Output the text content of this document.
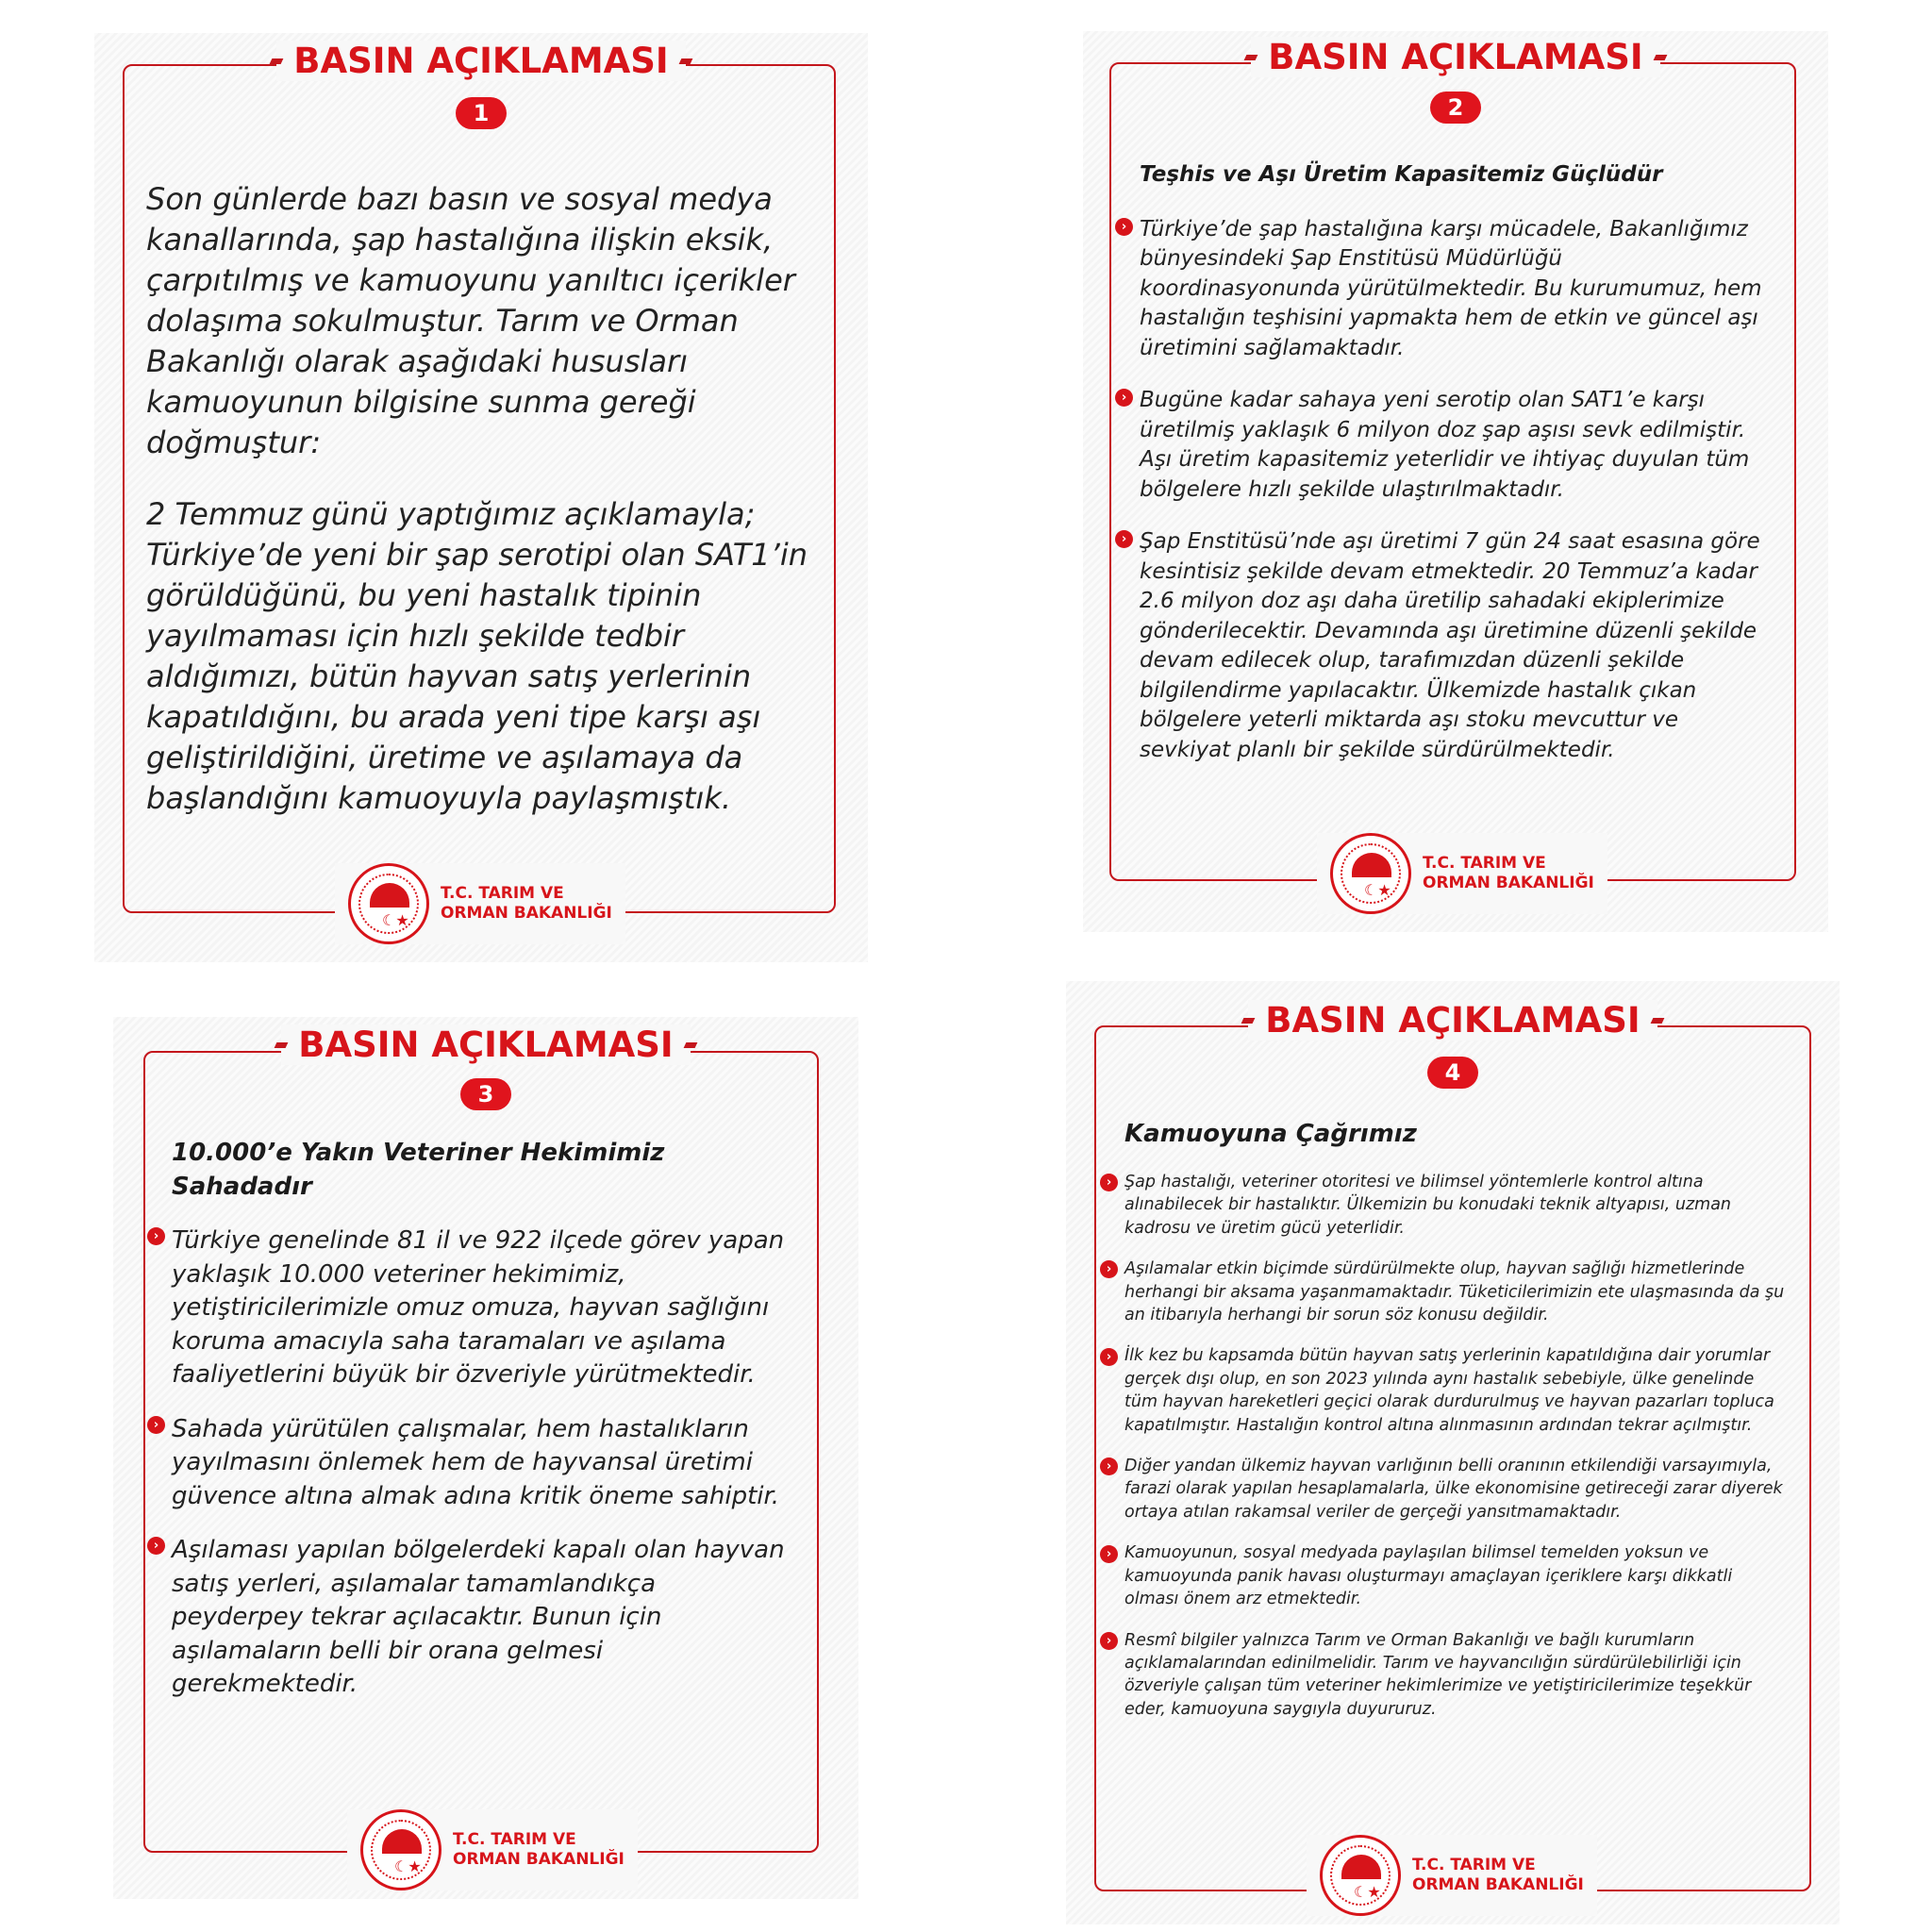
BASIN AÇIKLAMASI
1

Son günlerde bazı basın ve sosyal medya kanallarında, şap hastalığına ilişkin eksik, çarpıtılmış ve kamuoyunu yanıltıcı içerikler dolaşıma sokulmuştur. Tarım ve Orman Bakanlığı olarak aşağıdaki hususları kamuoyunun bilgisine sunma gereği doğmuştur:

2 Temmuz günü yaptığımız açıklamayla; Türkiye’de yeni bir şap serotipi olan SAT1’in görüldüğünü, bu yeni hastalık tipinin yayılmaması için hızlı şekilde tedbir aldığımızı, bütün hayvan satış yerlerinin kapatıldığını, bu arada yeni tipe karşı aşı geliştirildiğini, üretime ve aşılamaya da başlandığını kamuoyuyla paylaşmıştık.

☾★
T.C. TARIM VE
ORMAN BAKANLIĞI
BASIN AÇIKLAMASI
2

Teşhis ve Aşı Üretim Kapasitemiz Güçlüdür

›
Türkiye’de şap hastalığına karşı mücadele, Bakanlığımız bünyesindeki Şap Enstitüsü Müdürlüğü koordinasyonunda yürütülmektedir. Bu kurumumuz, hem hastalığın teşhisini yapmakta hem de etkin ve güncel aşı üretimini sağlamaktadır.

›
Bugüne kadar sahaya yeni serotip olan SAT1’e karşı üretilmiş yaklaşık 6 milyon doz şap aşısı sevk edilmiştir. Aşı üretim kapasitemiz yeterlidir ve ihtiyaç duyulan tüm bölgelere hızlı şekilde ulaştırılmaktadır.

›
Şap Enstitüsü’nde aşı üretimi 7 gün 24 saat esasına göre kesintisiz şekilde devam etmektedir. 20 Temmuz’a kadar 2.6 milyon doz aşı daha üretilip sahadaki ekiplerimize gönderilecektir. Devamında aşı üretimine düzenli şekilde devam edilecek olup, tarafımızdan düzenli şekilde bilgilendirme yapılacaktır. Ülkemizde hastalık çıkan bölgelere yeterli miktarda aşı stoku mevcuttur ve sevkiyat planlı bir şekilde sürdürülmektedir.

☾★
T.C. TARIM VE
ORMAN BAKANLIĞI
BASIN AÇIKLAMASI
3

10.000’e Yakın Veteriner Hekimimiz Sahadadır

›
Türkiye genelinde 81 il ve 922 ilçede görev yapan yaklaşık 10.000 veteriner hekimimiz, yetiştiricilerimizle omuz omuza, hayvan sağlığını koruma amacıyla saha taramaları ve aşılama faaliyetlerini büyük bir özveriyle yürütmektedir.

›
Sahada yürütülen çalışmalar, hem hastalıkların yayılmasını önlemek hem de hayvansal üretimi güvence altına almak adına kritik öneme sahiptir.

›
Aşılaması yapılan bölgelerdeki kapalı olan hayvan satış yerleri, aşılamalar tamamlandıkça peyderpey tekrar açılacaktır. Bunun için aşılamaların belli bir orana gelmesi gerekmektedir.

☾★
T.C. TARIM VE
ORMAN BAKANLIĞI
BASIN AÇIKLAMASI
4

Kamuoyuna Çağrımız

›
Şap hastalığı, veteriner otoritesi ve bilimsel yöntemlerle kontrol altına alınabilecek bir hastalıktır. Ülkemizin bu konudaki teknik altyapısı, uzman kadrosu ve üretim gücü yeterlidir.

›
Aşılamalar etkin biçimde sürdürülmekte olup, hayvan sağlığı hizmetlerinde herhangi bir aksama yaşanmamaktadır. Tüketicilerimizin ete ulaşmasında da şu an itibarıyla herhangi bir sorun söz konusu değildir.

›
İlk kez bu kapsamda bütün hayvan satış yerlerinin kapatıldığına dair yorumlar gerçek dışı olup, en son 2023 yılında aynı hastalık sebebiyle, ülke genelinde tüm hayvan hareketleri geçici olarak durdurulmuş ve hayvan pazarları topluca kapatılmıştır. Hastalığın kontrol altına alınmasının ardından tekrar açılmıştır.

›
Diğer yandan ülkemiz hayvan varlığının belli oranının etkilendiği varsayımıyla, farazi olarak yapılan hesaplamalarla, ülke ekonomisine getireceği zarar diyerek ortaya atılan rakamsal veriler de gerçeği yansıtmamaktadır.

›
Kamuoyunun, sosyal medyada paylaşılan bilimsel temelden yoksun ve kamuoyunda panik havası oluşturmayı amaçlayan içeriklere karşı dikkatli olması önem arz etmektedir.

›
Resmî bilgiler yalnızca Tarım ve Orman Bakanlığı ve bağlı kurumların açıklamalarından edinilmelidir. Tarım ve hayvancılığın sürdürülebilirliği için özveriyle çalışan tüm veteriner hekimlerimize ve yetiştiricilerimize teşekkür eder, kamuoyuna saygıyla duyururuz.

☾★
T.C. TARIM VE
ORMAN BAKANLIĞI
